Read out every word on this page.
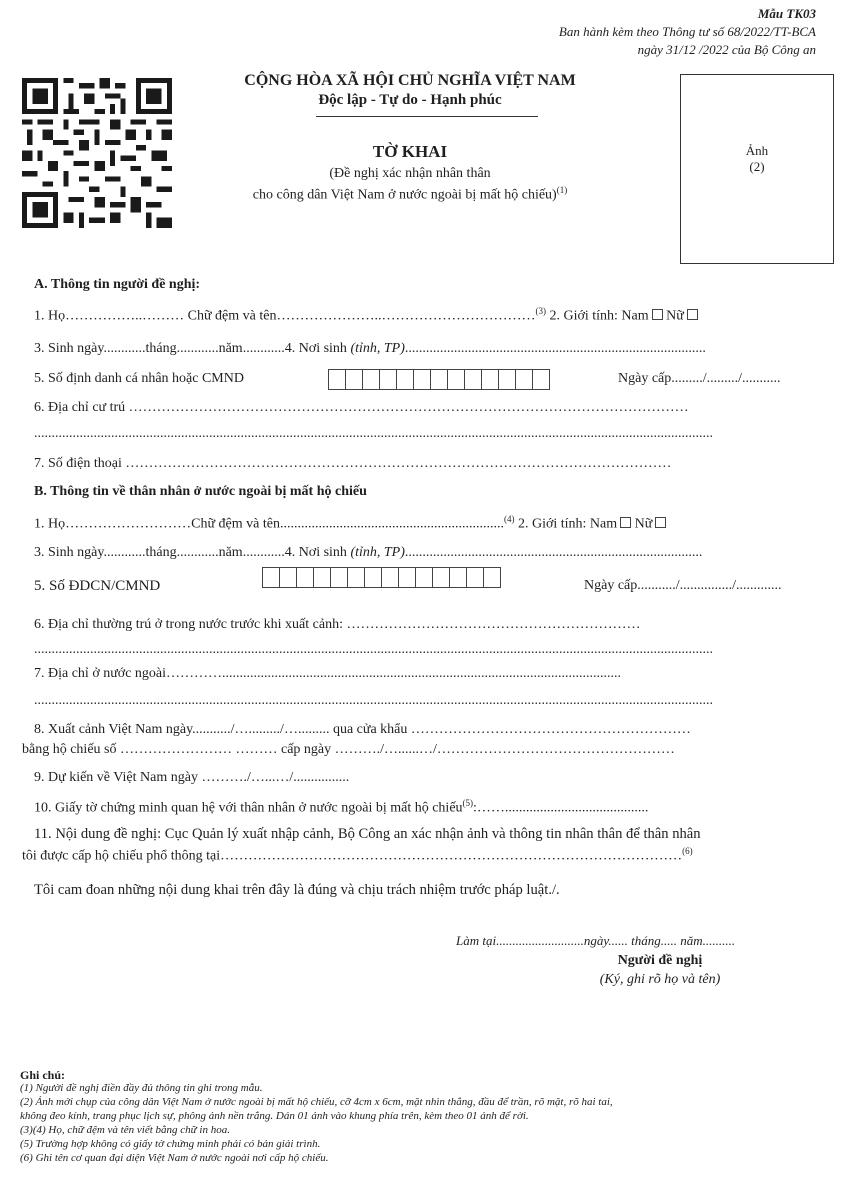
Mẫu TK03
Ban hành kèm theo Thông tư số 68/2022/TT-BCA
ngày 31/12 /2022 của Bộ Công an
CỘNG HÒA XÃ HỘI CHỦ NGHĨA VIỆT NAM
Độc lập - Tự do - Hạnh phúc
Ảnh
(2)
TỜ KHAI
(Đề nghị xác nhận nhân thân
cho công dân Việt Nam ở nước ngoài bị mất hộ chiếu)$^{(1)}$
A. Thông tin người đề nghị:
1. Họ……………..……… Chữ đệm và tên…………………..……………………………$^{(3)}$ 2. Giới tính: Nam Nữ
3. Sinh ngày............tháng............năm............4. Nơi sinh (tỉnh, TP)......................................................................................
5. Số định danh cá nhân hoặc CMND	Ngày cấp........./........./...........
6. Địa chỉ cư trú …………………………………………………………………………………………………………
..................................................................................................................................................................................................
7. Số điện thoại ………………………………………………………………………………………………………
B. Thông tin về thân nhân ở nước ngoài bị mất hộ chiếu
1. Họ………………………Chữ đệm và tên................................................................$^{(4)}$ 2. Giới tính: Nam Nữ
3. Sinh ngày............tháng............năm............4. Nơi sinh (tỉnh, TP).....................................................................................
5. Số ĐDCN/CMND	Ngày cấp.........../.............../.............
6. Địa chỉ thường trú ở trong nước trước khi xuất cảnh: ………………………………………………………
..................................................................................................................................................................................................
7. Địa chỉ ở nước ngoài…………..................................................................................................................
..................................................................................................................................................................................................
8. Xuất cảnh Việt Nam ngày.........../…........./…......... qua cửa khẩu ……………………………………………………
bằng hộ chiếu số …………………… ……… cấp ngày ………./…......…/……………………………………………
9. Dự kiến về Việt Nam ngày ………./…...…/................
10. Giấy tờ chứng minh quan hệ với thân nhân ở nước ngoài bị mất hộ chiếu$^{(5)}$:…….........................................
11. Nội dung đề nghị: Cục Quản lý xuất nhập cảnh, Bộ Công an xác nhận ảnh và thông tin nhân thân để thân nhân
tôi được cấp hộ chiếu phổ thông tại………………………………………………………………………………………$^{(6)}$
Tôi cam đoan những nội dung khai trên đây là đúng và chịu trách nhiệm trước pháp luật./.
Làm tại...........................ngày...... tháng..... năm..........
Người đề nghị
(Ký, ghi rõ họ và tên)
Ghi chú:
(1) Người đề nghị điền đầy đủ thông tin ghi trong mẫu.
(2) Ảnh mới chụp của công dân Việt Nam ở nước ngoài bị mất hộ chiếu, cỡ 4cm x 6cm, mặt nhìn thẳng, đầu để trần, rõ mặt, rõ hai tai,
không đeo kính, trang phục lịch sự, phông ảnh nền trắng. Dán 01 ảnh vào khung phía trên, kèm theo 01 ảnh để rời.
(3)(4) Họ, chữ đệm và tên viết bằng chữ in hoa.
(5) Trường hợp không có giấy tờ chứng minh phải có bản giải trình.
(6) Ghi tên cơ quan đại diện Việt Nam ở nước ngoài nơi cấp hộ chiếu.
